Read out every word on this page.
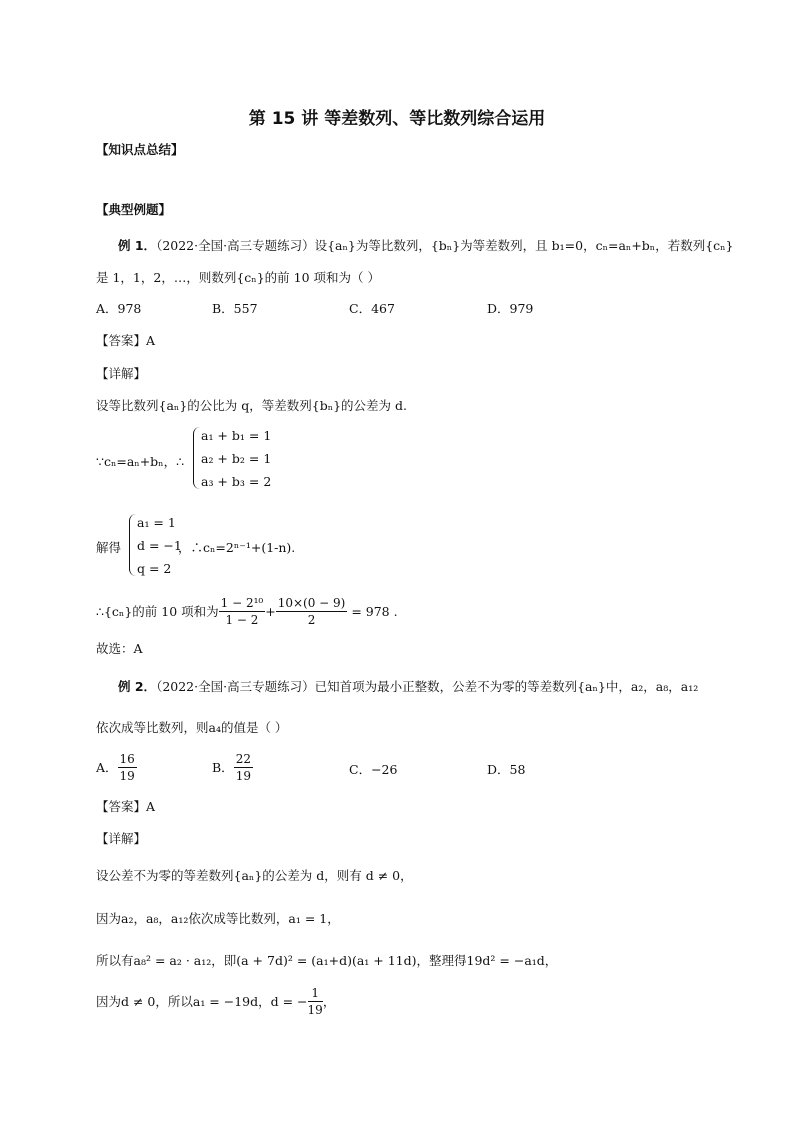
第 15 讲 等差数列、等比数列综合运用
【知识点总结】
【典型例题】
例 1．（2022·全国·高三专题练习）设{aₙ}为等比数列，{bₙ}为等差数列，且 b₁=0，cₙ=aₙ+bₙ，若数列{cₙ}
是 1，1，2，…，则数列{cₙ}的前 10 项和为（ ）
A．978	B．557	C．467	D．979
【答案】A
【详解】
设等比数列{aₙ}的公比为 q，等差数列{bₙ}的公差为 d.
∵cₙ=aₙ+bₙ，∴
a₁ + b₁ = 1
a₂ + b₂ = 1
a₃ + b₃ = 2
解得
a₁ = 1
d = −1
q = 2
，∴cₙ=2ⁿ⁻¹+(1-n).
∴{cₙ}的前 10 项和为 $\frac{\text{1 − 2¹⁰}}{1 - 2} + \frac{10\times(0 - 9)}{2} = 978$ .
故选：A
例 2．（2022·全国·高三专题练习）已知首项为最小正整数，公差不为零的等差数列{aₙ}中，a₂，a₈，a₁₂
依次成等比数列，则a₄的值是（ ）
A． $\frac{16}{19}$	B． $\frac{22}{19}$	C．−26	D．58
【答案】A
【详解】
设公差不为零的等差数列{aₙ}的公差为 d，则有 d ≠ 0，
因为a₂，a₈，a₁₂依次成等比数列，a₁ = 1，
所以有a₈² = a₂ · a₁₂，即(a + 7d)² = (a₁+d)(a₁ + 11d)，整理得19d² = −a₁d，
因为d ≠ 0，所以a₁ = −19d，d = − $\frac{1}{19}$ ，
